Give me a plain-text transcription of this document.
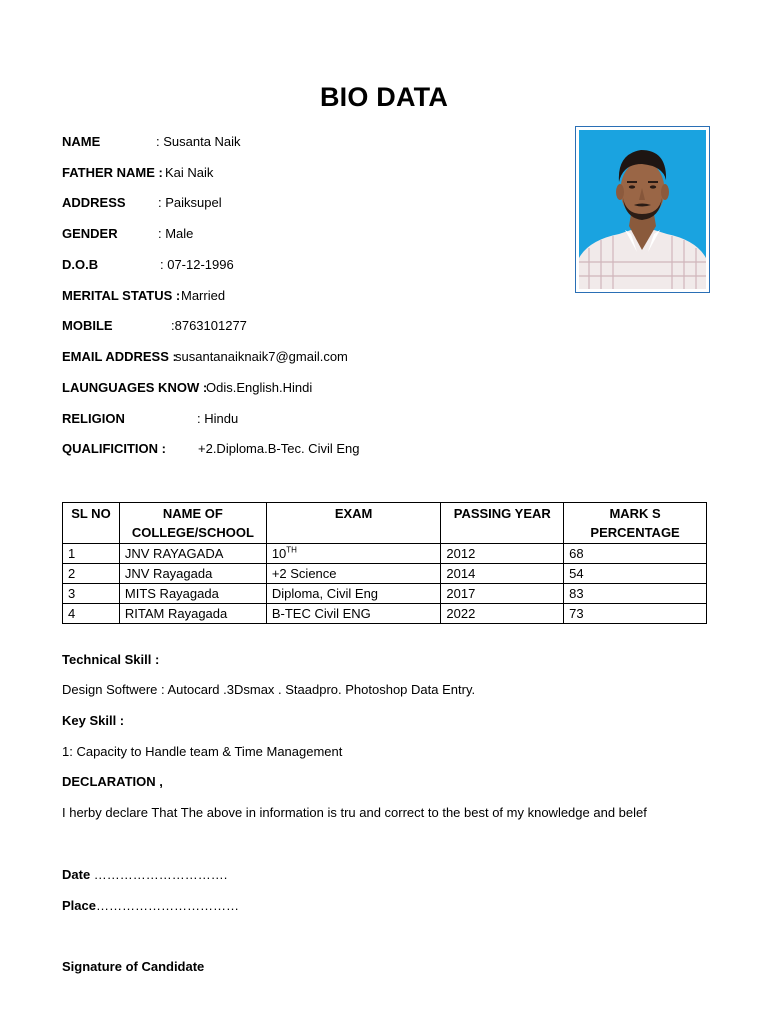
BIO DATA
NAME	: Susanta Naik
FATHER NAME : Kai Naik
ADDRESS : Paiksupel
GENDER	: Male
D.O.B	: 07-12-1996
MERITAL STATUS : Married
MOBILE	:8763101277
EMAIL ADDRESS :
susantanaiknaik7@gmail.com
LAUNGUAGES KNOW :
Odis.English.Hindi
RELIGION	: Hindu
QUALIFICITION : +2.Diploma.B-Tec. Civil Eng
SL NO	NAME OF COLLEGE/SCHOOL	EXAM	PASSING YEAR	MARK S PERCENTAGE
1	JNV RAYAGADA	10TH	2012	68
2	JNV Rayagada	+2 Science	2014	54
3	MITS Rayagada	Diploma, Civil Eng	2017	83
4	RITAM Rayagada	B-TEC Civil ENG	2022	73
Technical Skill :
Design Softwere : Autocard .3Dsmax . Staadpro. Photoshop Data Entry.
Key Skill :
1: Capacity to Handle team & Time Management
DECLARATION ,
I herby declare That The above in information is tru and correct to the best of my knowledge and belef
Date ………………………….
Place……………………………
Signature of Candidate
